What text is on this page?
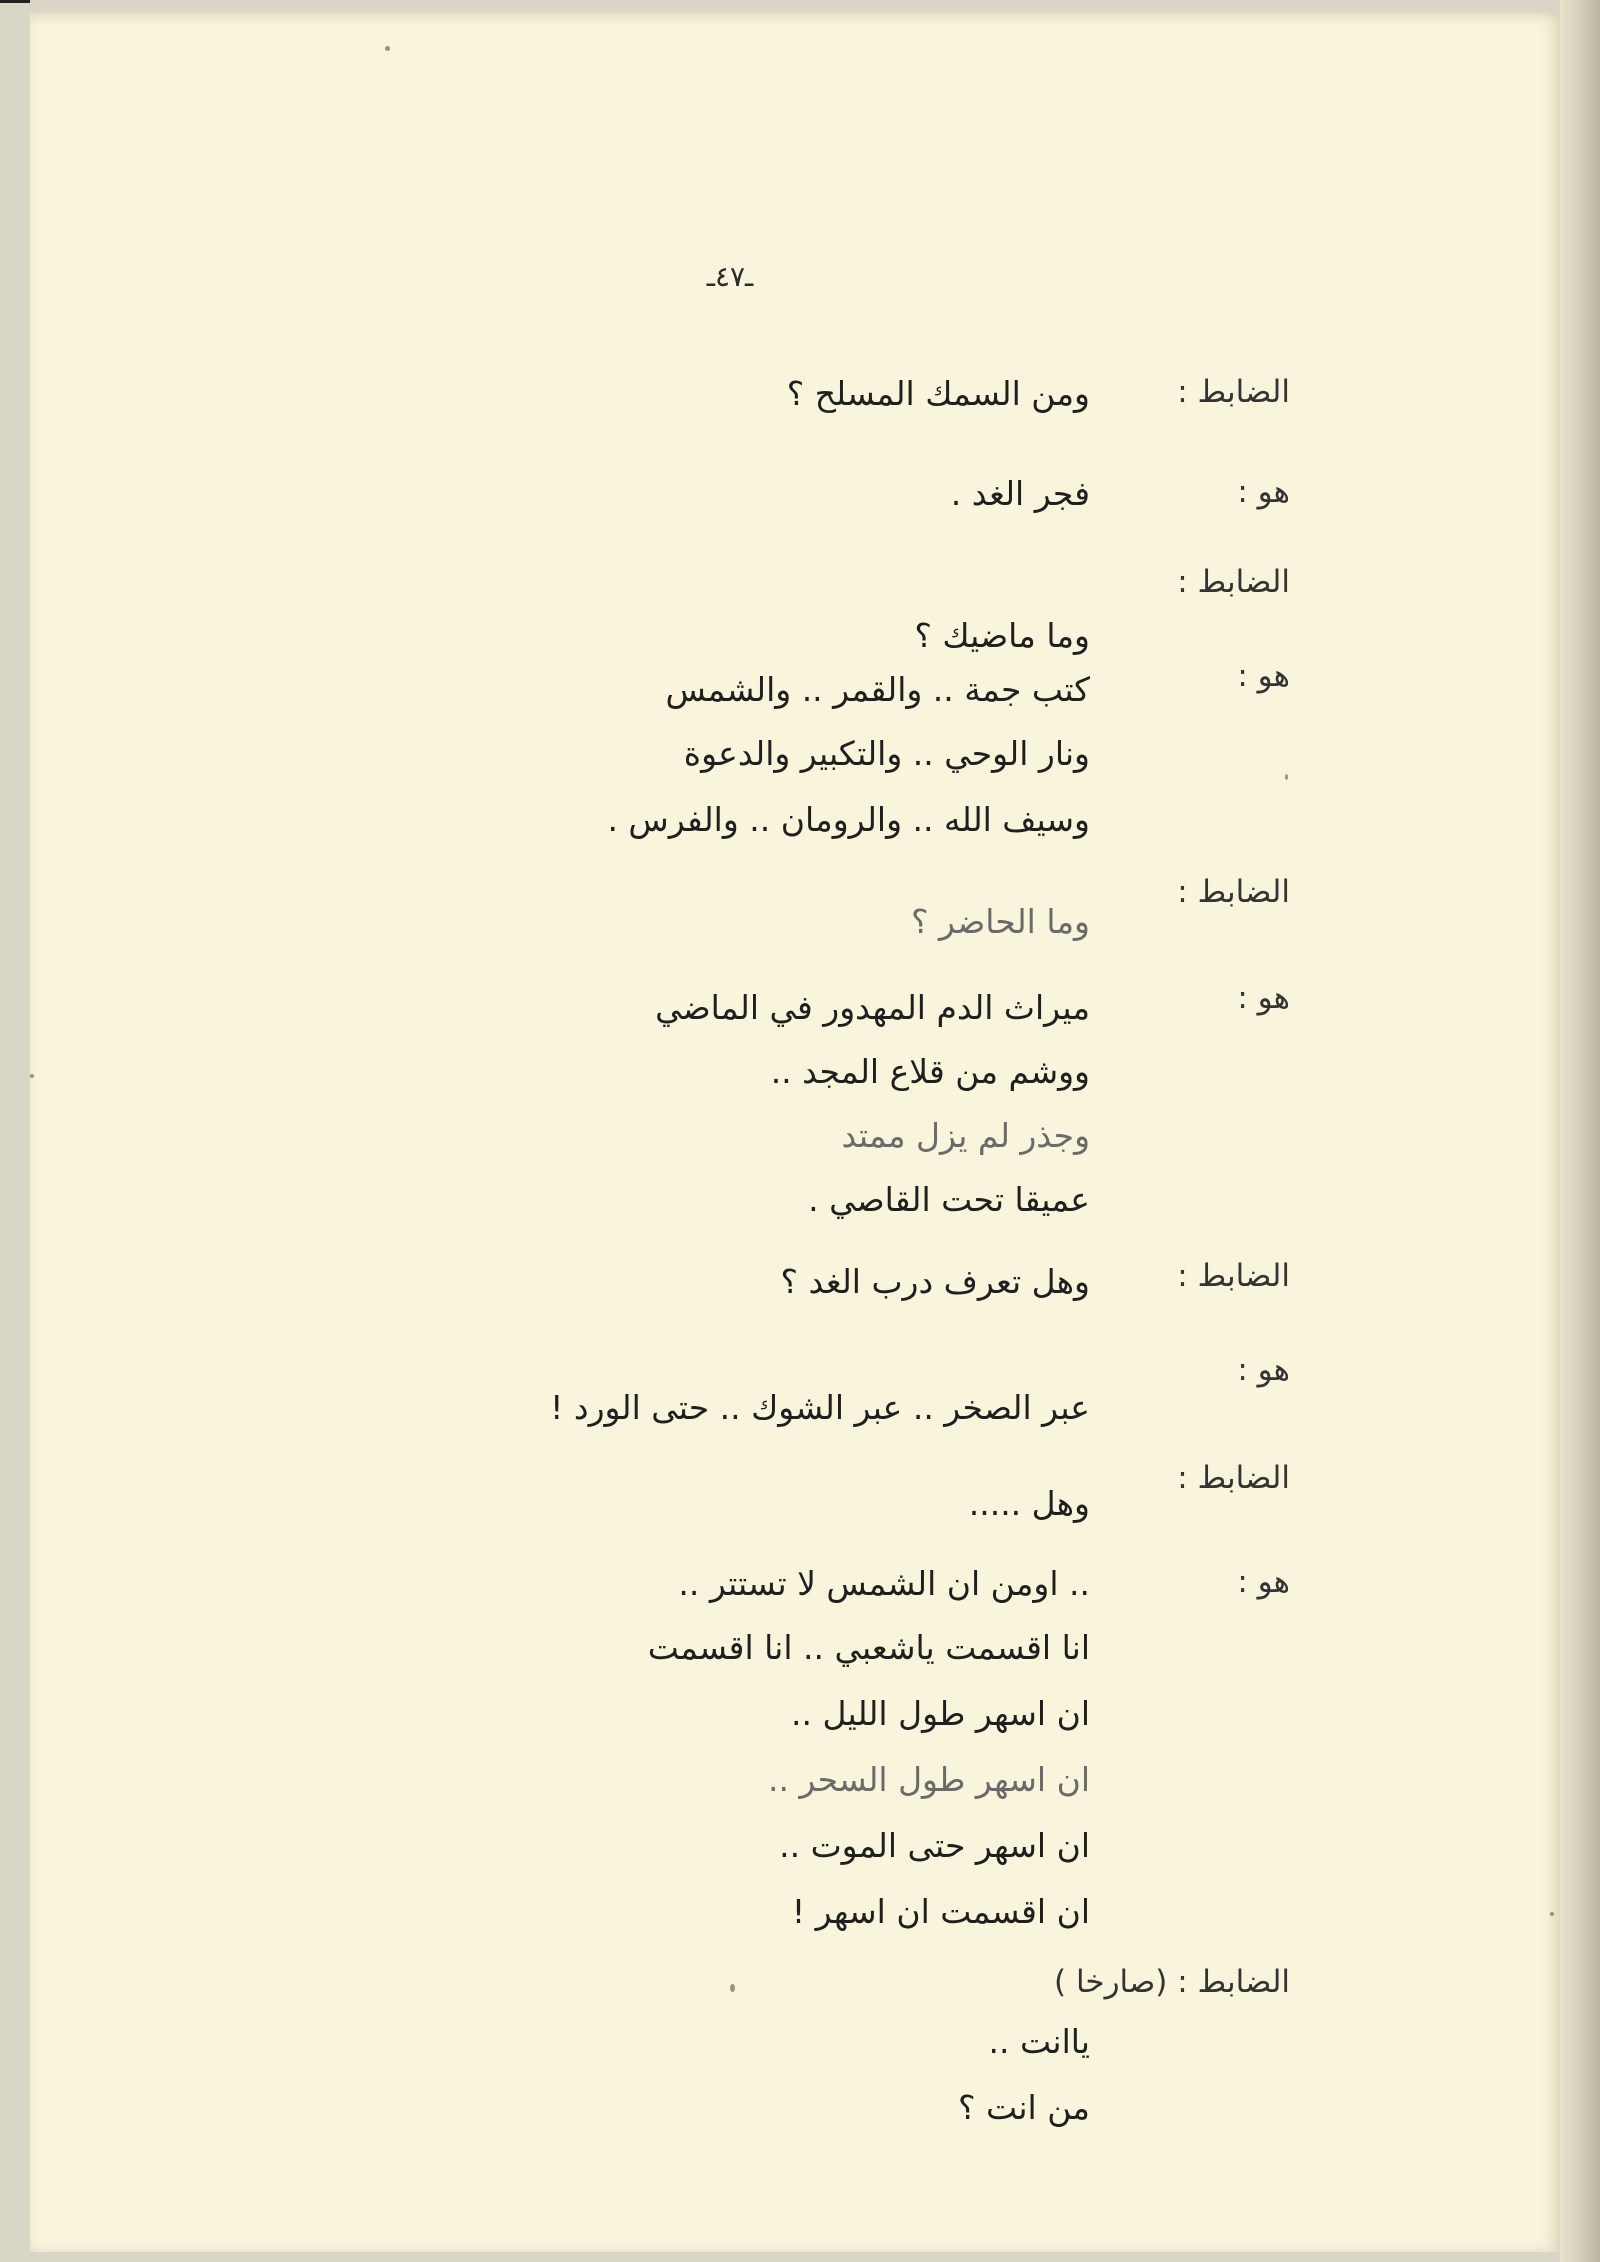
ـ٤٧ـ
الضابط :
ومن السمك المسلح ؟
هو :
فجر الغد .
الضابط :
وما ماضيك ؟
هو :
كتب جمة .. والقمر .. والشمس
ونار الوحي .. والتكبير والدعوة
وسيف الله .. والرومان .. والفرس .
الضابط :
وما الحاضر ؟
هو :
ميراث الدم المهدور في الماضي
ووشم من قلاع المجد ..
وجذر لم يزل ممتد
عميقا تحت القاصي .
الضابط :
وهل تعرف درب الغد ؟
هو :
عبر الصخر .. عبر الشوك .. حتى الورد !
الضابط :
وهل .....
هو :
.. اومن ان الشمس لا تستتر ..
انا اقسمت ياشعبي .. انا اقسمت
ان اسهر طول الليل ..
ان اسهر طول السحر ..
ان اسهر حتى الموت ..
ان اقسمت ان اسهر !
الضابط : (صارخا )
ياانت ..
من انت ؟
